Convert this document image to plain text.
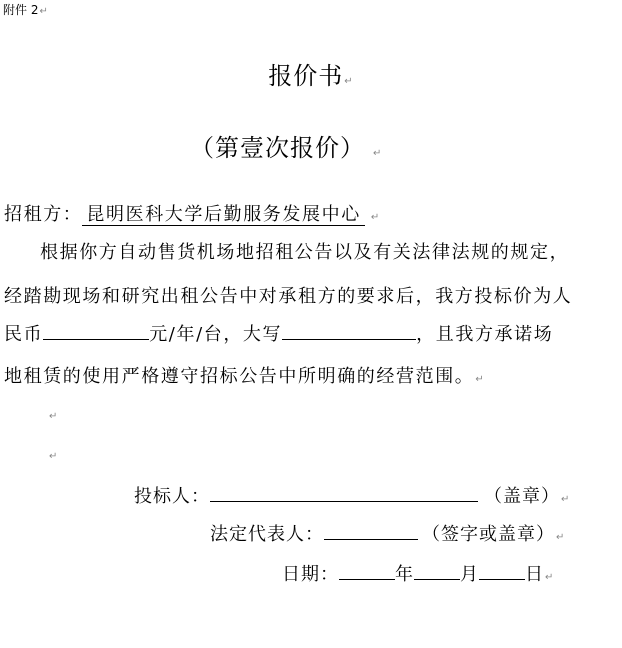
附件 2↵
报价书↵
（第壹次报价） ↵
招租方： 昆明医科大学后勤服务发展中心 ↵
根据你方自动售货机场地招租公告以及有关法律法规的规定，
经踏勘现场和研究出租公告中对承租方的要求后，我方投标价为人
民币	元/年/台，大写	，且我方承诺场
地租赁的使用严格遵守招标公告中所明确的经营范围。↵
↵
↵
投标人：	（盖章）↵
法定代表人：	（签字或盖章）↵
日期：	年	月	日↵
